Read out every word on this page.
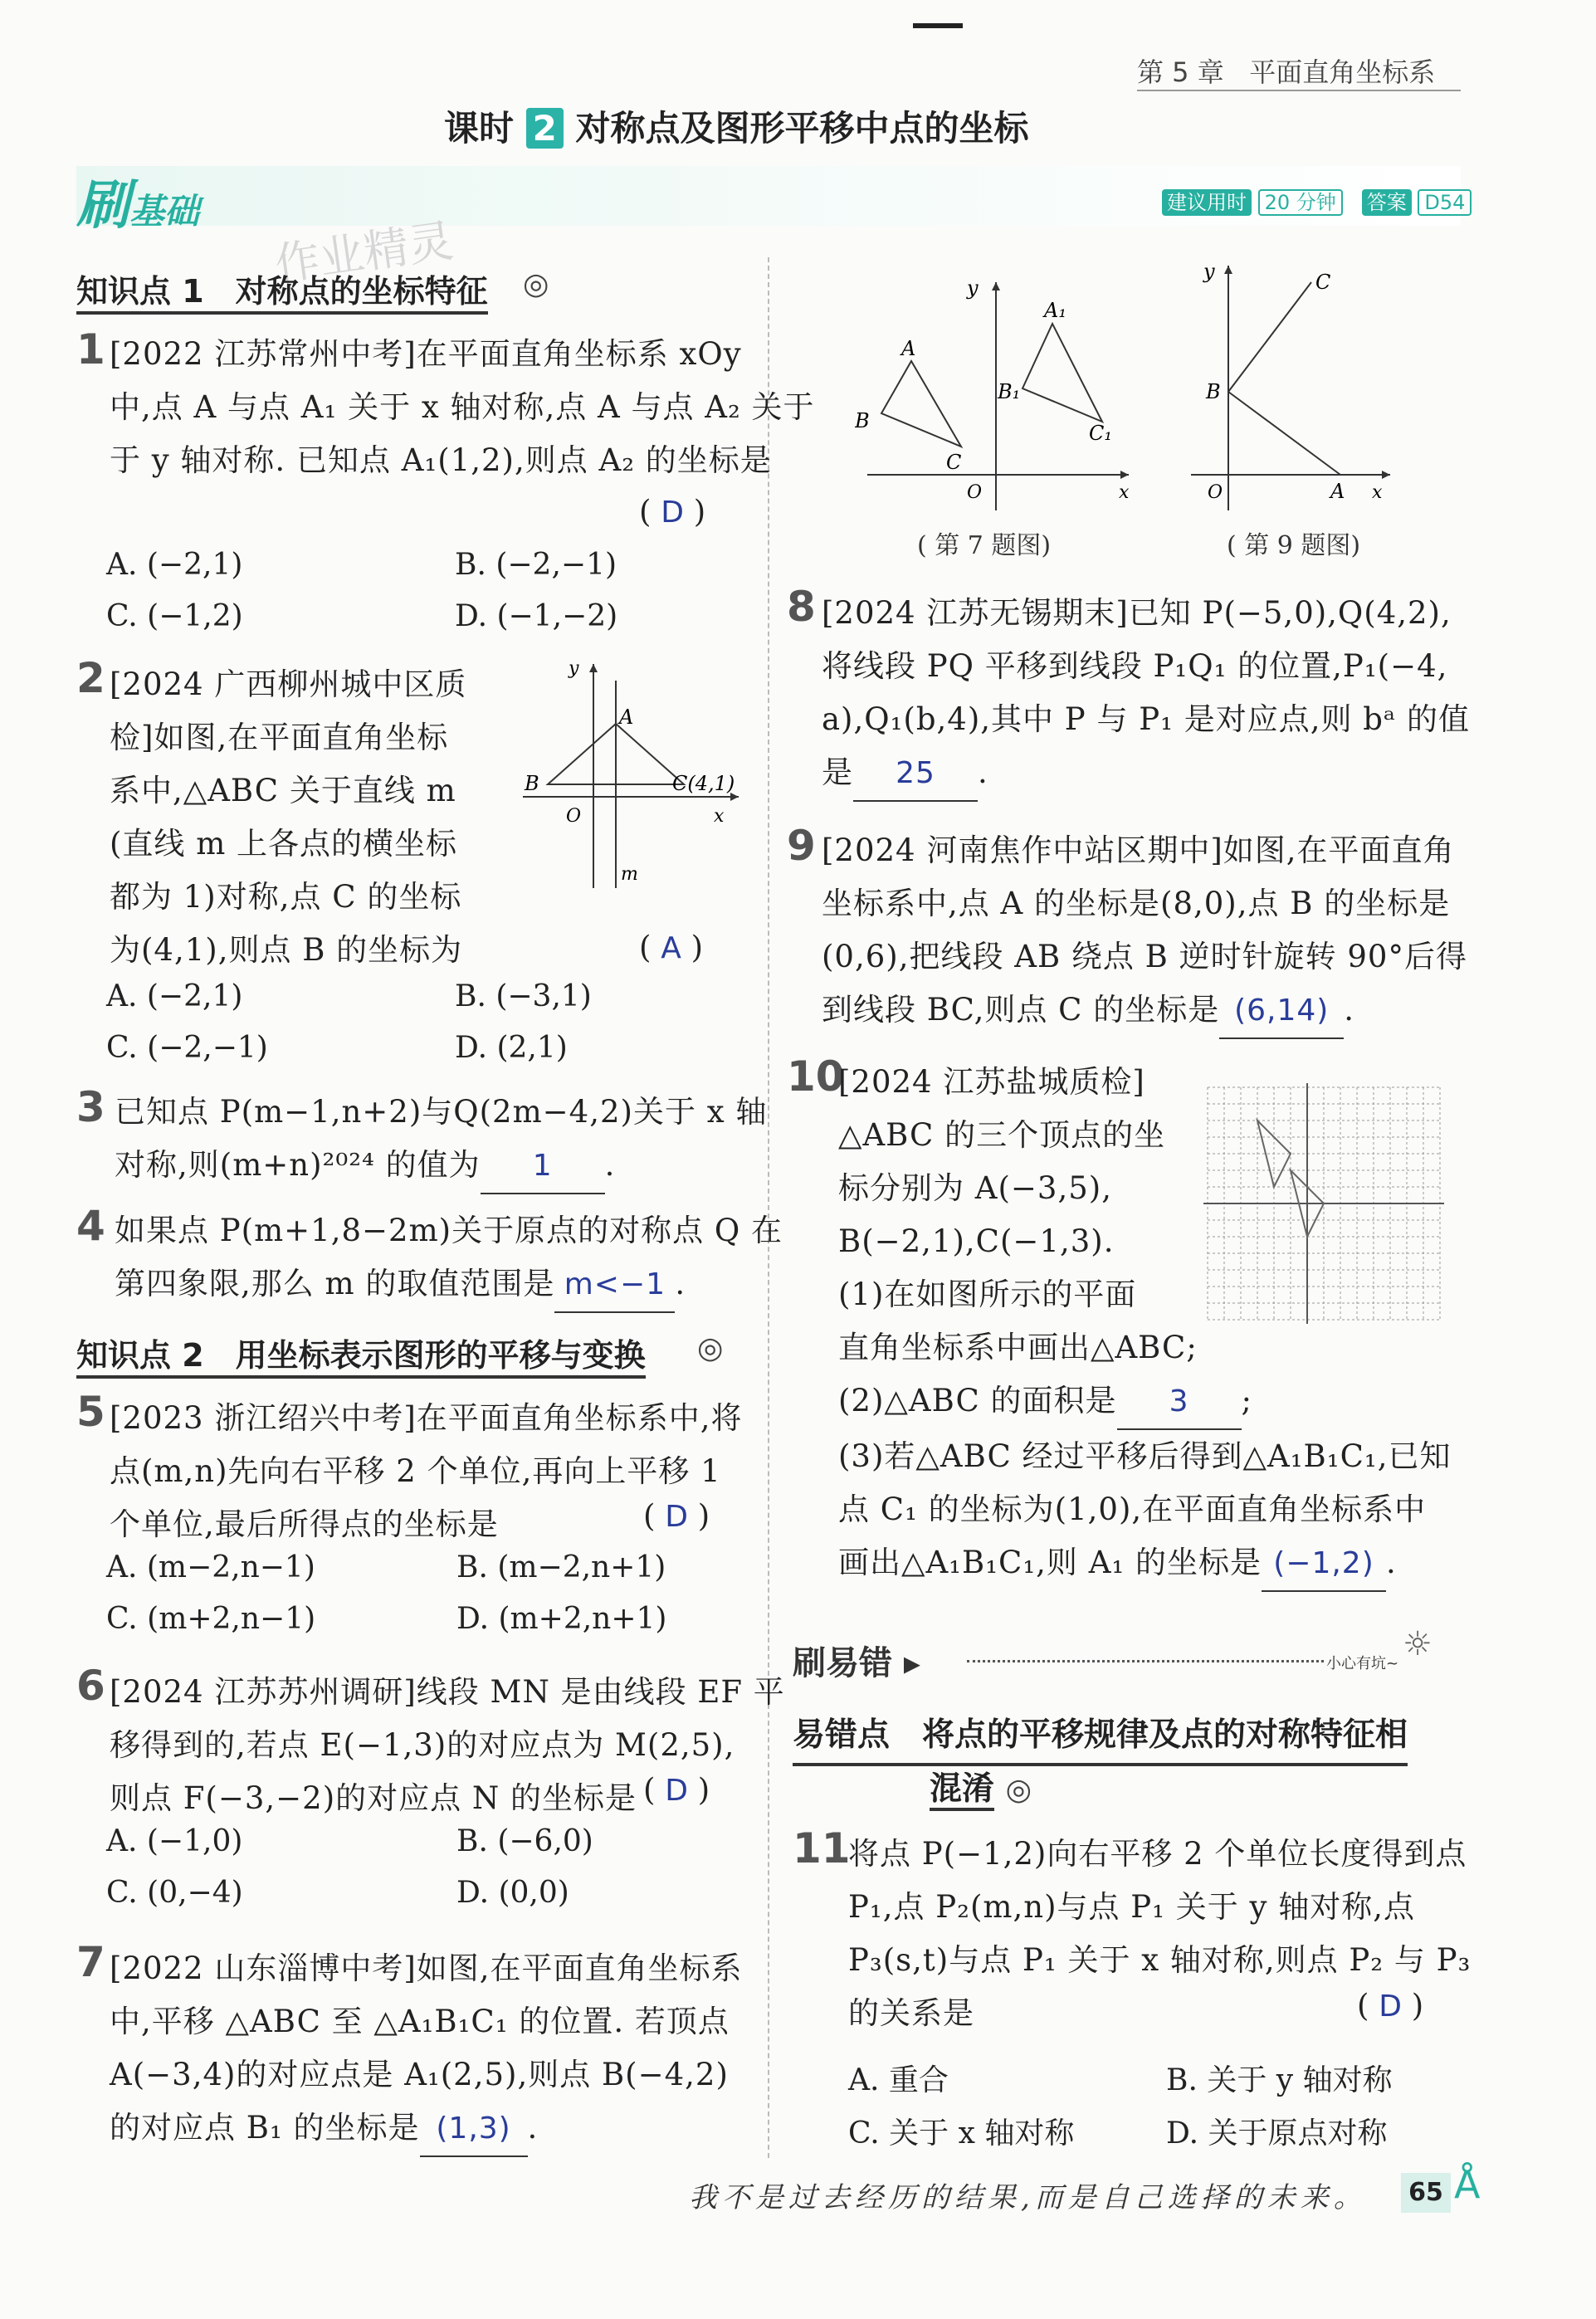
第 5 章 平面直角坐标系
课时 2 对称点及图形平移中点的坐标
刷基础	建议用时 20 分钟 答案 D54
作业精灵
知识点 1　对称点的坐标特征 ◎
1 [2022 江苏常州中考]在平面直角坐标系 xOy
中,点 A 与点 A₁ 关于 x 轴对称,点 A 与点 A₂ 关于
于 y 轴对称. 已知点 A₁(1,2),则点 A₂ 的坐标是
( D )
A. (−2,1)	B. (−2,−1)
C. (−1,2)	D. (−1,−2)
2 [2024 广西柳州城中区质
检]如图,在平面直角坐标
系中,△ABC 关于直线 m
(直线 m 上各点的横坐标
都为 1)对称,点 C 的坐标
为(4,1),则点 B 的坐标为
y
x
A
B	C(4,1)
O
m
( A )
A. (−2,1)	B. (−3,1)
C. (−2,−1)	D. (2,1)
3 已知点 P(m−1,n+2)与Q(2m−4,2)关于 x 轴
对称,则(m+n)²⁰²⁴ 的值为 1 .
4 如果点 P(m+1,8−2m)关于原点的对称点 Q 在
第四象限,那么 m 的取值范围是 m<−1 .
知识点 2　用坐标表示图形的平移与变换 ◎
5 [2023 浙江绍兴中考]在平面直角坐标系中,将
点(m,n)先向右平移 2 个单位,再向上平移 1
个单位,最后所得点的坐标是	( D )
A. (m−2,n−1)	B. (m−2,n+1)
C. (m+2,n−1)	D. (m+2,n+1)
6 [2024 江苏苏州调研]线段 MN 是由线段 EF 平
移得到的,若点 E(−1,3)的对应点为 M(2,5),
则点 F(−3,−2)的对应点 N 的坐标是 ( D )
A. (−1,0)	B. (−6,0)
C. (0,−4)	D. (0,0)
7 [2022 山东淄博中考]如图,在平面直角坐标系
中,平移 △ABC 至 △A₁B₁C₁ 的位置. 若顶点
A(−3,4)的对应点是 A₁(2,5),则点 B(−4,2)
的对应点 B₁ 的坐标是 (1,3) .
y
x
O
A
B
C
A₁
B₁
C₁
( 第 7 题图)
y
x
O	A
B
C
( 第 9 题图)
8 [2024 江苏无锡期末]已知 P(−5,0),Q(4,2),
将线段 PQ 平移到线段 P₁Q₁ 的位置,P₁(−4,
a),Q₁(b,4),其中 P 与 P₁ 是对应点,则 bᵃ 的值
是 25 .
9 [2024 河南焦作中站区期中]如图,在平面直角
坐标系中,点 A 的坐标是(8,0),点 B 的坐标是
(0,6),把线段 AB 绕点 B 逆时针旋转 90°后得
到线段 BC,则点 C 的坐标是 (6,14) .
10
[2024 江苏盐城质检]
△ABC 的三个顶点的坐
标分别为 A(−3,5),
B(−2,1),C(−1,3).
(1)在如图所示的平面
直角坐标系中画出△ABC;
(2)△ABC 的面积是 3 ;
(3)若△ABC 经过平移后得到△A₁B₁C₁,已知
点 C₁ 的坐标为(1,0),在平面直角坐标系中
画出△A₁B₁C₁,则 A₁ 的坐标是 (−1,2) .
刷易错 ▸	小心有坑~
☼
易错点　将点的平移规律及点的对称特征相
混淆 ◎
11
将点 P(−1,2)向右平移 2 个单位长度得到点
P₁,点 P₂(m,n)与点 P₁ 关于 y 轴对称,点
P₃(s,t)与点 P₁ 关于 x 轴对称,则点 P₂ 与 P₃
的关系是	( D )
A. 重合	B. 关于 y 轴对称
C. 关于 x 轴对称	D. 关于原点对称
我不是过去经历的结果,而是自己选择的未来。	65 Å
